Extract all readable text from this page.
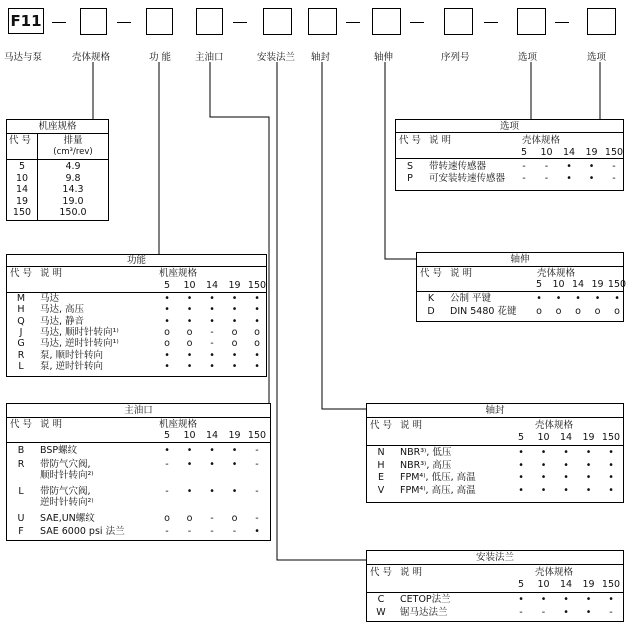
F11
马达与泵	壳体规格	功 能	主油口	安装法兰 轴封	轴伸	序列号	选项	选项
机座规格
代 号	排量
(cm³/rev)
5	4.9
10	9.8
14	14.3
19	19.0
150	150.0
功能
代 号 说 明	机座规格
5	10	14	19 150
M	马达	•	•	•	•	•
H	马达, 高压	•	•	•	•	•
Q	马达, 静音	•	•	•	•	•
J	马达, 顺时针转向¹⁾	o	o	-	o	o
G	马达, 逆时针转向¹⁾	o	o	-	o	o
R	泵, 顺时针转向	•	•	•	•	•
L	泵, 逆时针转向	•	•	•	•	•
主油口
代 号 说 明	机座规格
5	10	14	19 150
B	BSP螺纹	•	•	•	•	-
R	带防气穴阀,
顺时针转向²⁾
-	•	•	•	-
L	带防气穴阀,
逆时针转向²⁾
-	•	•	•	-
U	SAE,UN螺纹	o	o	-	o	-
F	SAE 6000 psi 法兰	-	-	-	-	•
选项
代 号 说 明	壳体规格
5	10	14	19 150
S	带转速传感器	-	-	•	•	-
P	可安装转速传感器	-	-	•	•	-
轴伸
代 号 说 明	壳体规格
5	10 14 19 150
K	公制 平键	•	•	•	•	•
D	DIN 5480 花键	o	o	o	o	o
轴封
代 号 说 明	壳体规格
5	10	14	19 150
N	NBR³⁾, 低压	•	•	•	•	•
H	NBR³⁾, 高压	•	•	•	•	•
E	FPM⁴⁾, 低压, 高温	•	•	•	•	•
V	FPM⁴⁾, 高压, 高温	•	•	•	•	•
安装法兰
代 号 说 明	壳体规格
5	10	14	19 150
C	CETOP法兰	•	•	•	•	•
W	锯马达法兰	-	-	•	•	-
